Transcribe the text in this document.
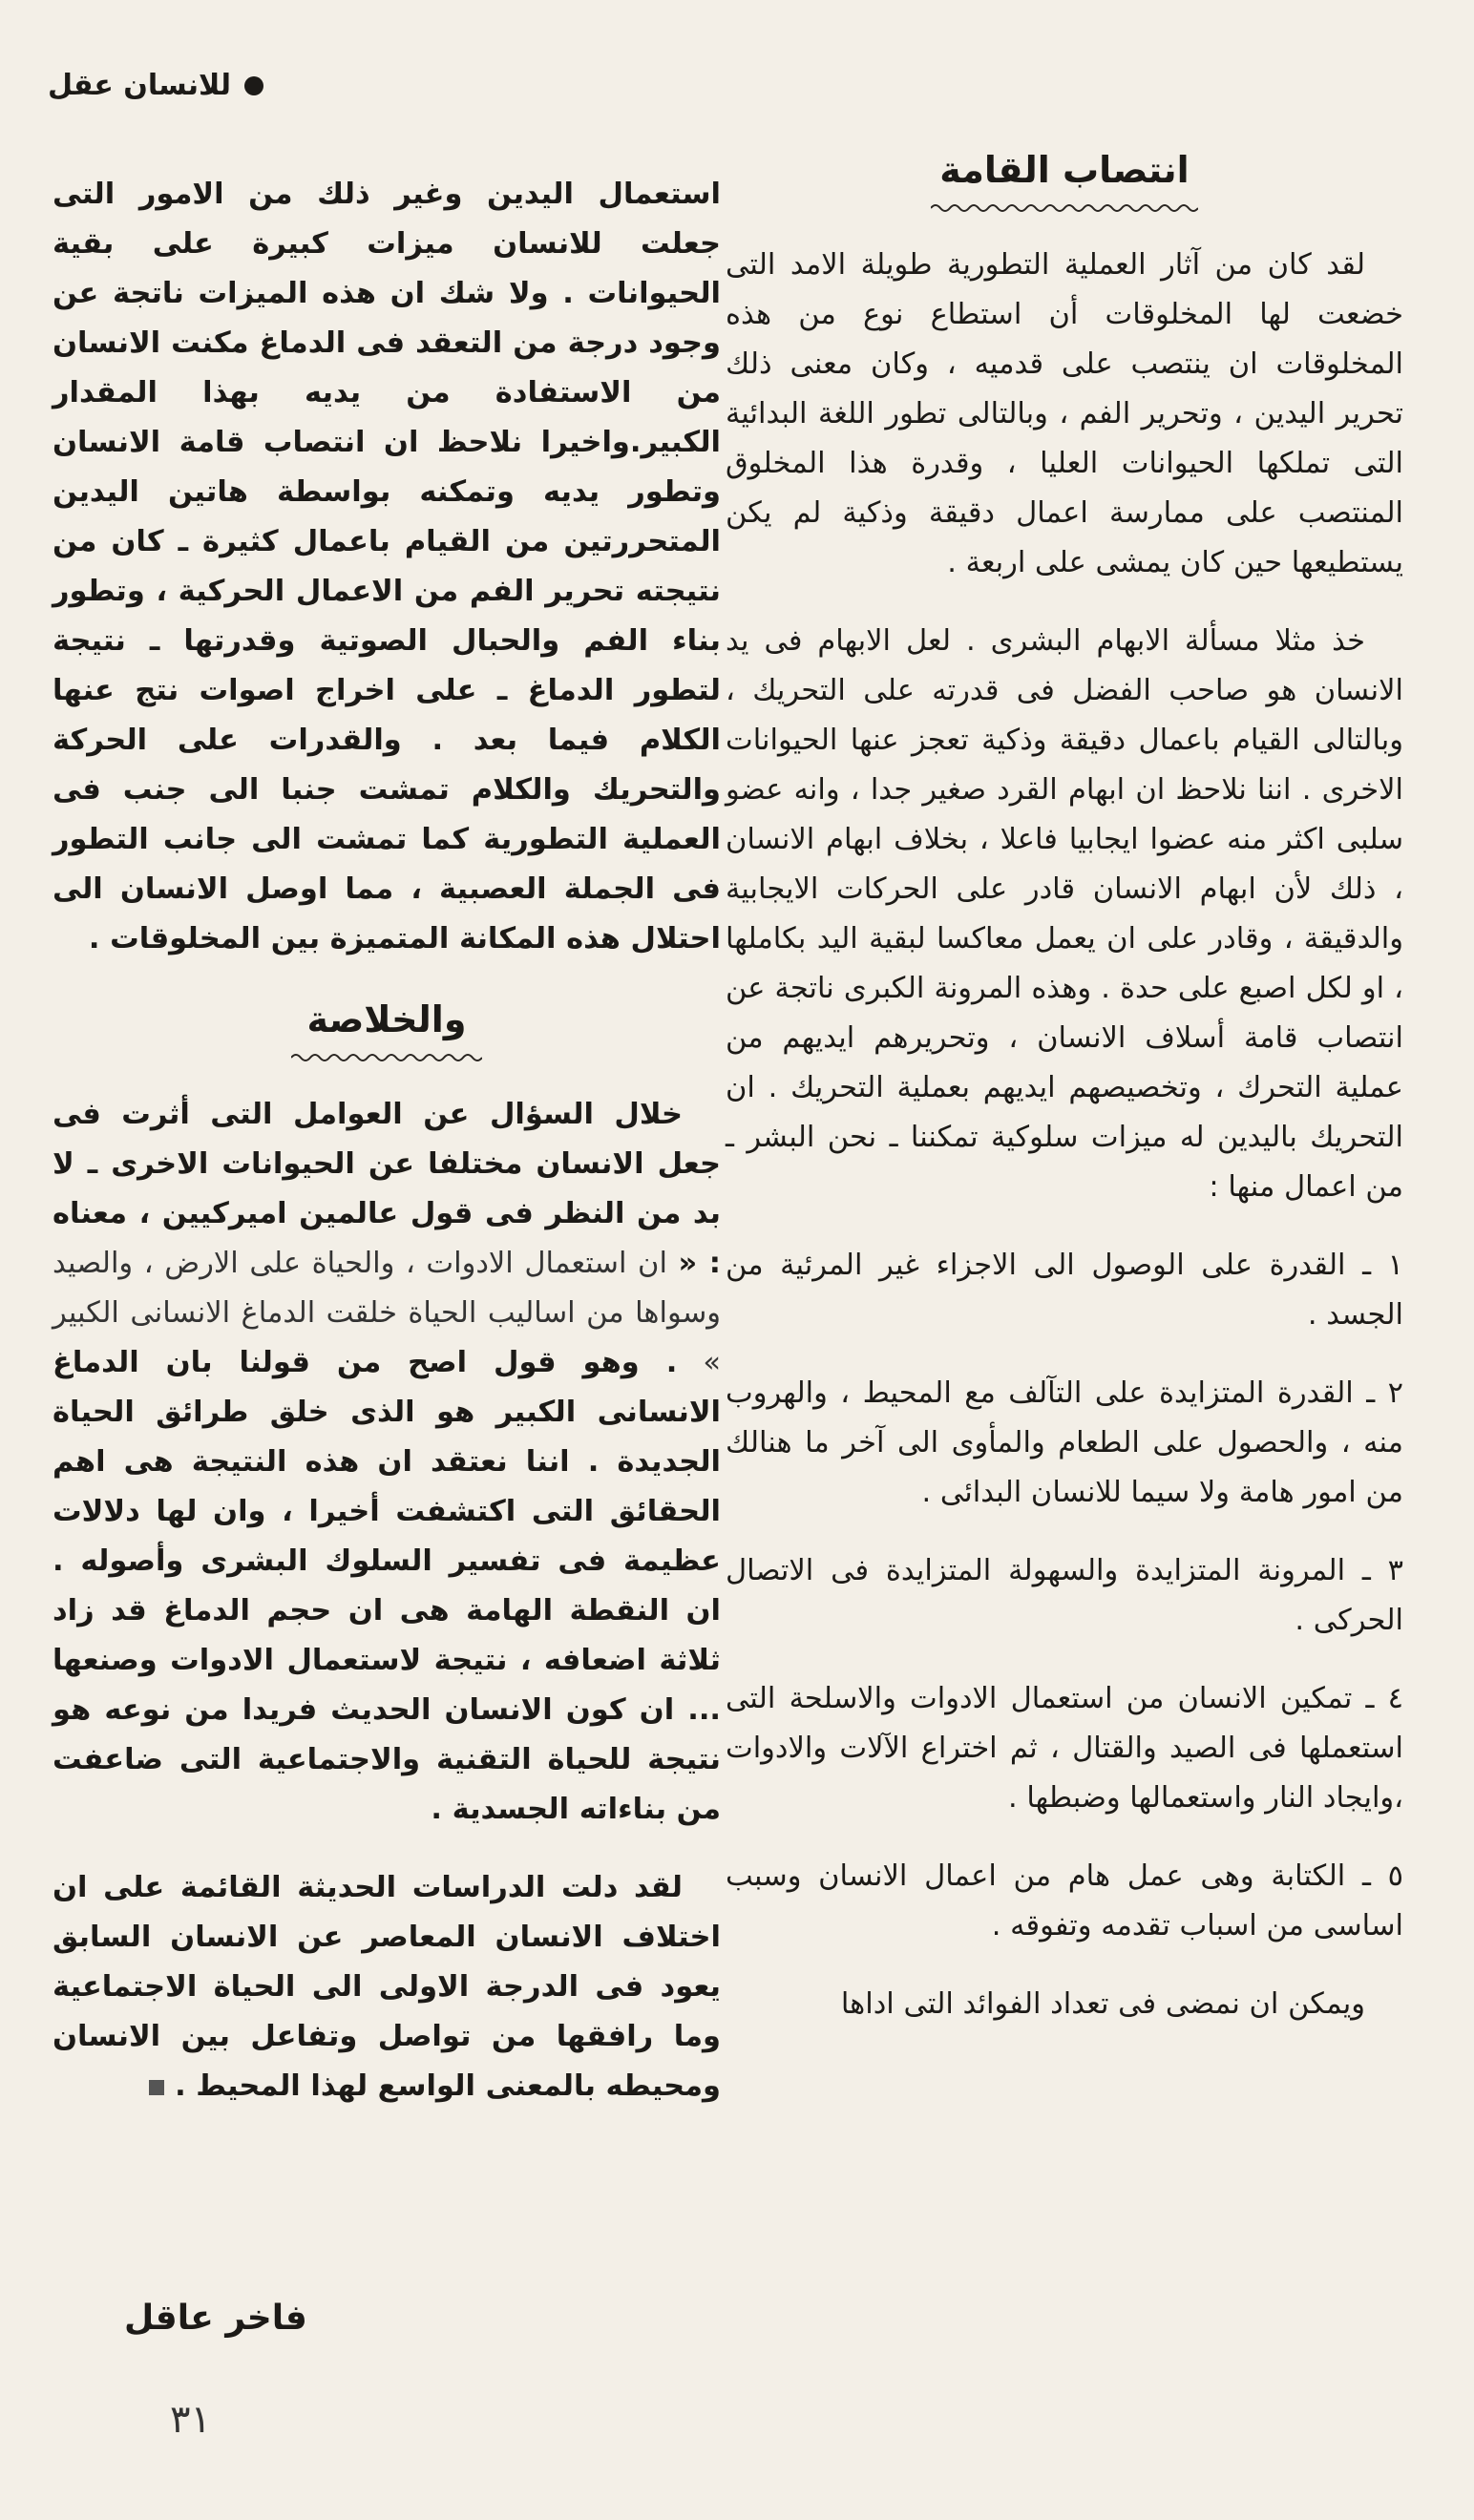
للانسان عقل
انتصاب القامة

لقد كان من آثار العملية التطورية طويلة الامد التى خضعت لها المخلوقات أن استطاع نوع من هذه المخلوقات ان ينتصب على قدميه ، وكان معنى ذلك تحرير اليدين ، وتحرير الفم ، وبالتالى تطور اللغة البدائية التى تملكها الحيوانات العليا ، وقدرة هذا المخلوق المنتصب على ممارسة اعمال دقيقة وذكية لم يكن يستطيعها حين كان يمشى على اربعة .

خذ مثلا مسألة الابهام البشرى . لعل الابهام فى يد الانسان هو صاحب الفضل فى قدرته على التحريك ، وبالتالى القيام باعمال دقيقة وذكية تعجز عنها الحيوانات الاخرى . اننا نلاحظ ان ابهام القرد صغير جدا ، وانه عضو سلبى اكثر منه عضوا ايجابيا فاعلا ، بخلاف ابهام الانسان ، ذلك لأن ابهام الانسان قادر على الحركات الايجابية والدقيقة ، وقادر على ان يعمل معاكسا لبقية اليد بكاملها ، او لكل اصبع على حدة . وهذه المرونة الكبرى ناتجة عن انتصاب قامة أسلاف الانسان ، وتحريرهم ايديهم من عملية التحرك ، وتخصيصهم ايديهم بعملية التحريك . ان التحريك باليدين له ميزات سلوكية تمكننا ـ نحن البشر ـ من اعمال منها :

١ ـ القدرة على الوصول الى الاجزاء غير المرئية من الجسد .

٢ ـ القدرة المتزايدة على التآلف مع المحيط ، والهروب منه ، والحصول على الطعام والمأوى الى آخر ما هنالك من امور هامة ولا سيما للانسان البدائى .

٣ ـ المرونة المتزايدة والسهولة المتزايدة فى الاتصال الحركى .

٤ ـ تمكين الانسان من استعمال الادوات والاسلحة التى استعملها فى الصيد والقتال ، ثم اختراع الآلات والادوات ،وايجاد النار واستعمالها وضبطها .

٥ ـ الكتابة وهى عمل هام من اعمال الانسان وسبب اساسى من اسباب تقدمه وتفوقه .

ويمكن ان نمضى فى تعداد الفوائد التى اداها

استعمال اليدين وغير ذلك من الامور التى جعلت للانسان ميزات كبيرة على بقية الحيوانات . ولا شك ان هذه الميزات ناتجة عن وجود درجة من التعقد فى الدماغ مكنت الانسان من الاستفادة من يديه بهذا المقدار الكبير.واخيرا نلاحظ ان انتصاب قامة الانسان وتطور يديه وتمكنه بواسطة هاتين اليدين المتحررتين من القيام باعمال كثيرة ـ كان من نتيجته تحرير الفم من الاعمال الحركية ، وتطور بناء الفم والحبال الصوتية وقدرتها ـ نتيجة لتطور الدماغ ـ على اخراج اصوات نتج عنها الكلام فيما بعد . والقدرات على الحركة والتحريك والكلام تمشت جنبا الى جنب فى العملية التطورية كما تمشت الى جانب التطور فى الجملة العصبية ، مما اوصل الانسان الى احتلال هذه المكانة المتميزة بين المخلوقات .

والخلاصة

خلال السؤال عن العوامل التى أثرت فى جعل الانسان مختلفا عن الحيوانات الاخرى ـ لا بد من النظر فى قول عالمين اميركيين ، معناه : « ان استعمال الادوات ، والحياة على الارض ، والصيد وسواها من اساليب الحياة خلقت الدماغ الانسانى الكبير » . وهو قول اصح من قولنا بان الدماغ الانسانى الكبير هو الذى خلق طرائق الحياة الجديدة . اننا نعتقد ان هذه النتيجة هى اهم الحقائق التى اكتشفت أخيرا ، وان لها دلالات عظيمة فى تفسير السلوك البشرى وأصوله . ان النقطة الهامة هى ان حجم الدماغ قد زاد ثلاثة اضعافه ، نتيجة لاستعمال الادوات وصنعها ... ان كون الانسان الحديث فريدا من نوعه هو نتيجة للحياة التقنية والاجتماعية التى ضاعفت من بناءاته الجسدية .

لقد دلت الدراسات الحديثة القائمة على ان اختلاف الانسان المعاصر عن الانسان السابق يعود فى الدرجة الاولى الى الحياة الاجتماعية وما رافقها من تواصل وتفاعل بين الانسان ومحيطه بالمعنى الواسع لهذا المحيط .

فاخر عاقل
٣١
